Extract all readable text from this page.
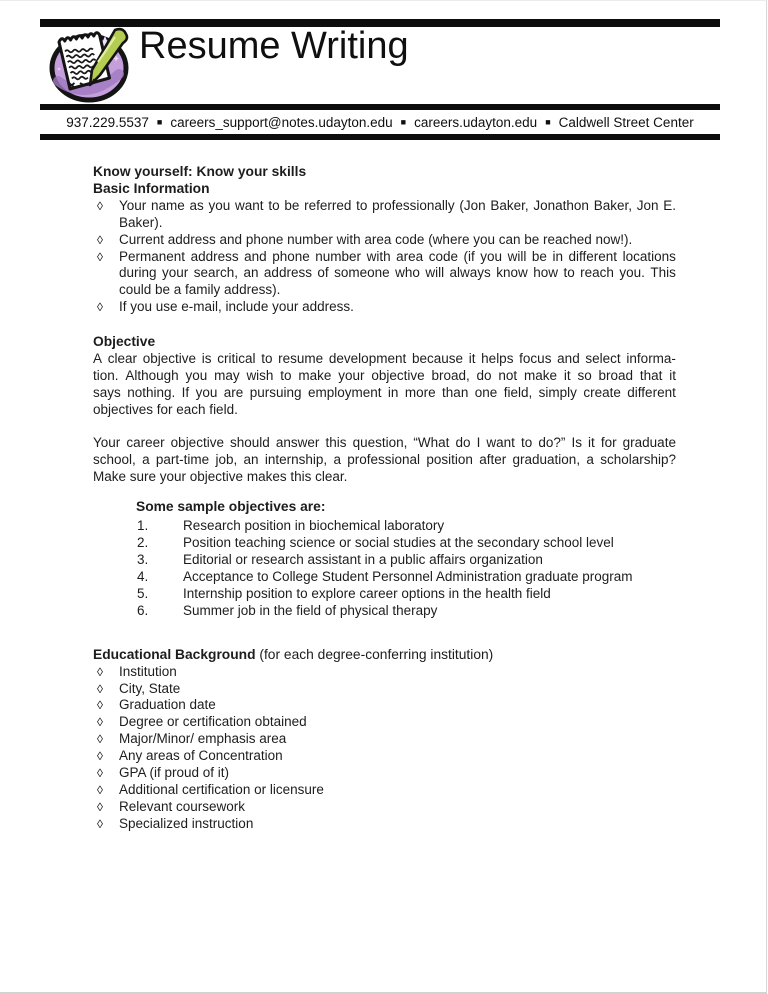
Resume Writing
937.229.5537 ■ careers_support@notes.udayton.edu ■ careers.udayton.edu ■ Caldwell Street Center
Know yourself: Know your skills
Basic Information
◊ Your name as you want to be referred to professionally (Jon Baker, Jonathon Baker, Jon E.
Baker).
◊ Current address and phone number with area code (where you can be reached now!).
◊ Permanent address and phone number with area code (if you will be in different locations
during your search, an address of someone who will always know how to reach you. This
could be a family address).
◊ If you use e-mail, include your address.
Objective
A clear objective is critical to resume development because it helps focus and select informa-
tion. Although you may wish to make your objective broad, do not make it so broad that it
says nothing. If you are pursuing employment in more than one field, simply create different
objectives for each field.
Your career objective should answer this question, “What do I want to do?” Is it for graduate
school, a part-time job, an internship, a professional position after graduation, a scholarship?
Make sure your objective makes this clear.
Some sample objectives are:
1.	Research position in biochemical laboratory
2.	Position teaching science or social studies at the secondary school level
3.	Editorial or research assistant in a public affairs organization
4.	Acceptance to College Student Personnel Administration graduate program
5.	Internship position to explore career options in the health field
6.	Summer job in the field of physical therapy
Educational Background (for each degree-conferring institution)
◊ Institution
◊ City, State
◊ Graduation date
◊ Degree or certification obtained
◊ Major/Minor/ emphasis area
◊ Any areas of Concentration
◊ GPA (if proud of it)
◊ Additional certification or licensure
◊ Relevant coursework
◊ Specialized instruction
